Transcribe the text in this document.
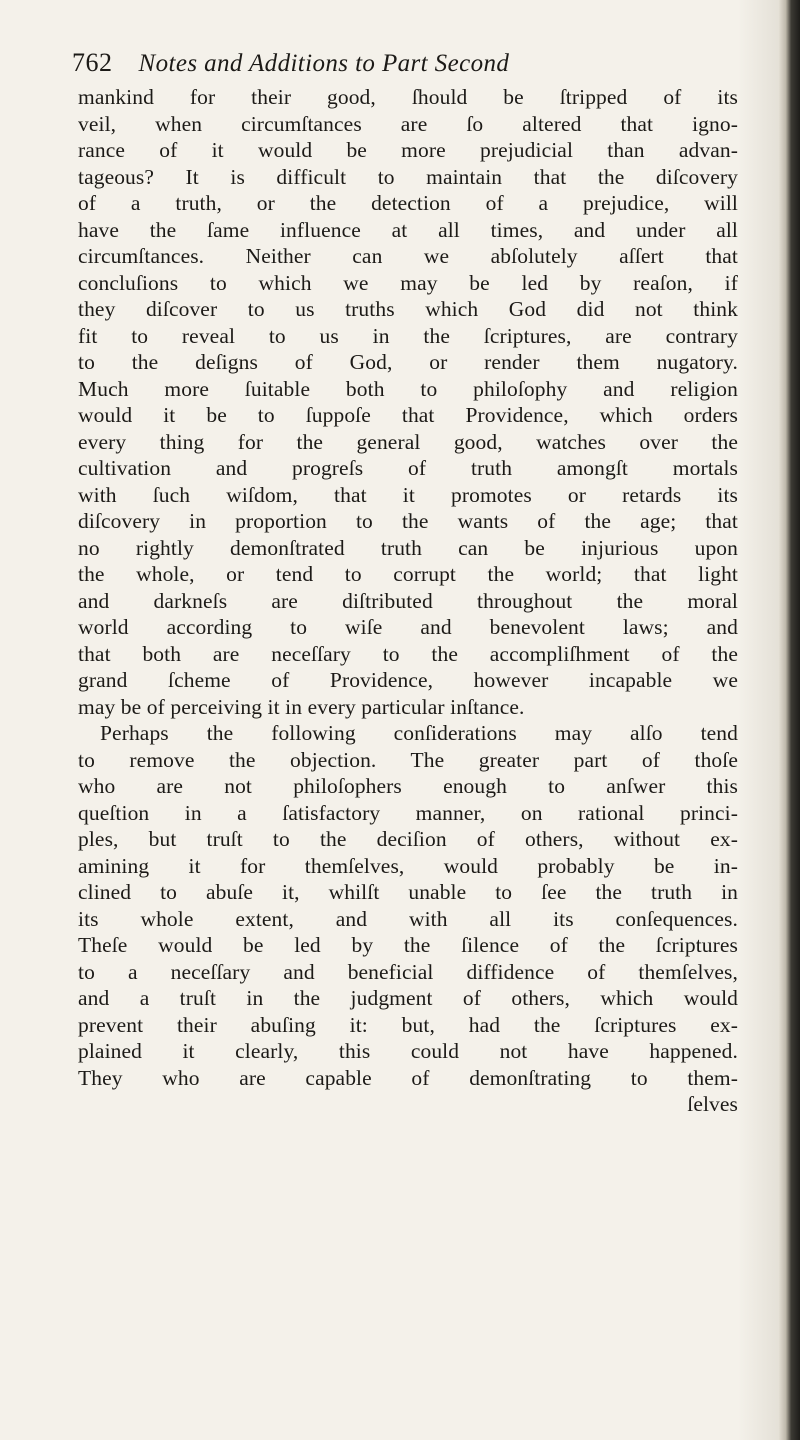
762 Notes and Additions to Part Second
mankind for their good, ſhould be ſtripped of its
veil, when circumſtances are ſo altered that igno-
rance of it would be more prejudicial than advan-
tageous? It is difficult to maintain that the diſcovery
of a truth, or the detection of a prejudice, will
have the ſame influence at all times, and under all
circumſtances. Neither can we abſolutely aſſert that
concluſions to which we may be led by reaſon, if
they diſcover to us truths which God did not think
fit to reveal to us in the ſcriptures, are contrary
to the deſigns of God, or render them nugatory.
Much more ſuitable both to philoſophy and religion
would it be to ſuppoſe that Providence, which orders
every thing for the general good, watches over the
cultivation and progreſs of truth amongſt mortals
with ſuch wiſdom, that it promotes or retards its
diſcovery in proportion to the wants of the age; that
no rightly demonſtrated truth can be injurious upon
the whole, or tend to corrupt the world; that light
and darkneſs are diſtributed throughout the moral
world according to wiſe and benevolent laws; and
that both are neceſſary to the accompliſhment of the
grand ſcheme of Providence, however incapable we
may be of perceiving it in every particular inſtance.
Perhaps the following conſiderations may alſo tend
to remove the objection. The greater part of thoſe
who are not philoſophers enough to anſwer this
queſtion in a ſatisfactory manner, on rational princi-
ples, but truſt to the deciſion of others, without ex-
amining it for themſelves, would probably be in-
clined to abuſe it, whilſt unable to ſee the truth in
its whole extent, and with all its conſequences.
Theſe would be led by the ſilence of the ſcriptures
to a neceſſary and beneficial diffidence of themſelves,
and a truſt in the judgment of others, which would
prevent their abuſing it: but, had the ſcriptures ex-
plained it clearly, this could not have happened.
They who are capable of demonſtrating to them-
ſelves
